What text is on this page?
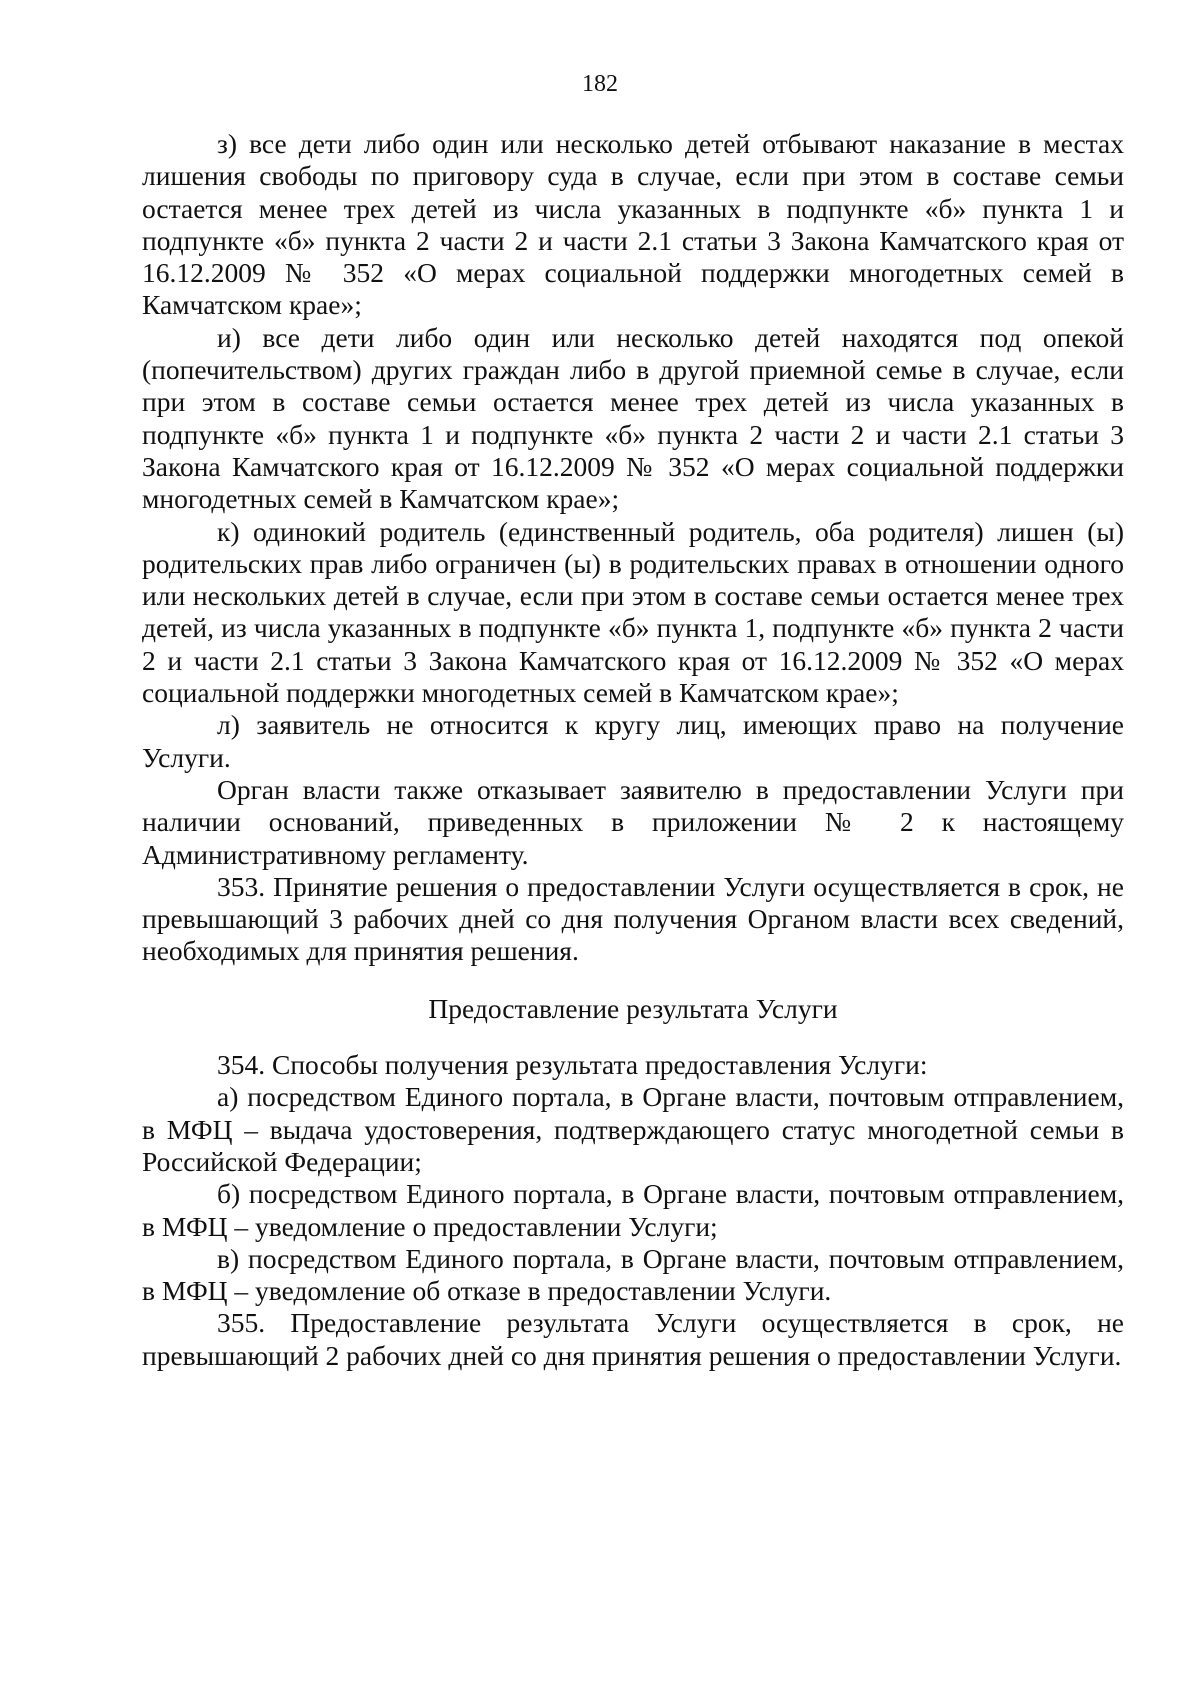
182

з) все дети либо один или несколько детей отбывают наказание в местах лишения свободы по приговору суда в случае, если при этом в составе семьи остается менее трех детей из числа указанных в подпункте «б» пункта 1 и подпункте «б» пункта 2 части 2 и части 2.1 статьи 3 Закона Камчатского края от 16.12.2009 № 352 «О мерах социальной поддержки многодетных семей в Камчатском крае»;

и) все дети либо один или несколько детей находятся под опекой (попечительством) других граждан либо в другой приемной семье в случае, если при этом в составе семьи остается менее трех детей из числа указанных в подпункте «б» пункта 1 и подпункте «б» пункта 2 части 2 и части 2.1 статьи 3 Закона Камчатского края от 16.12.2009 № 352 «О мерах социальной поддержки многодетных семей в Камчатском крае»;

к) одинокий родитель (единственный родитель, оба родителя) лишен (ы) родительских прав либо ограничен (ы) в родительских правах в отношении одного или нескольких детей в случае, если при этом в составе семьи остается менее трех детей, из числа указанных в подпункте «б» пункта 1, подпункте «б» пункта 2 части 2 и части 2.1 статьи 3 Закона Камчатского края от 16.12.2009 № 352 «О мерах социальной поддержки многодетных семей в Камчатском крае»;

л) заявитель не относится к кругу лиц, имеющих право на получение Услуги.

Орган власти также отказывает заявителю в предоставлении Услуги при наличии оснований, приведенных в приложении № 2 к настоящему Административному регламенту.

353. Принятие решения о предоставлении Услуги осуществляется в срок, не превышающий 3 рабочих дней со дня получения Органом власти всех сведений, необходимых для принятия решения.

Предоставление результата Услуги

354. Способы получения результата предоставления Услуги:

а) посредством Единого портала, в Органе власти, почтовым отправлением, в МФЦ – выдача удостоверения, подтверждающего статус многодетной семьи в Российской Федерации;

б) посредством Единого портала, в Органе власти, почтовым отправлением, в МФЦ – уведомление о предоставлении Услуги;

в) посредством Единого портала, в Органе власти, почтовым отправлением, в МФЦ – уведомление об отказе в предоставлении Услуги.

355. Предоставление результата Услуги осуществляется в срок, не превышающий 2 рабочих дней со дня принятия решения о предоставлении Услуги.
